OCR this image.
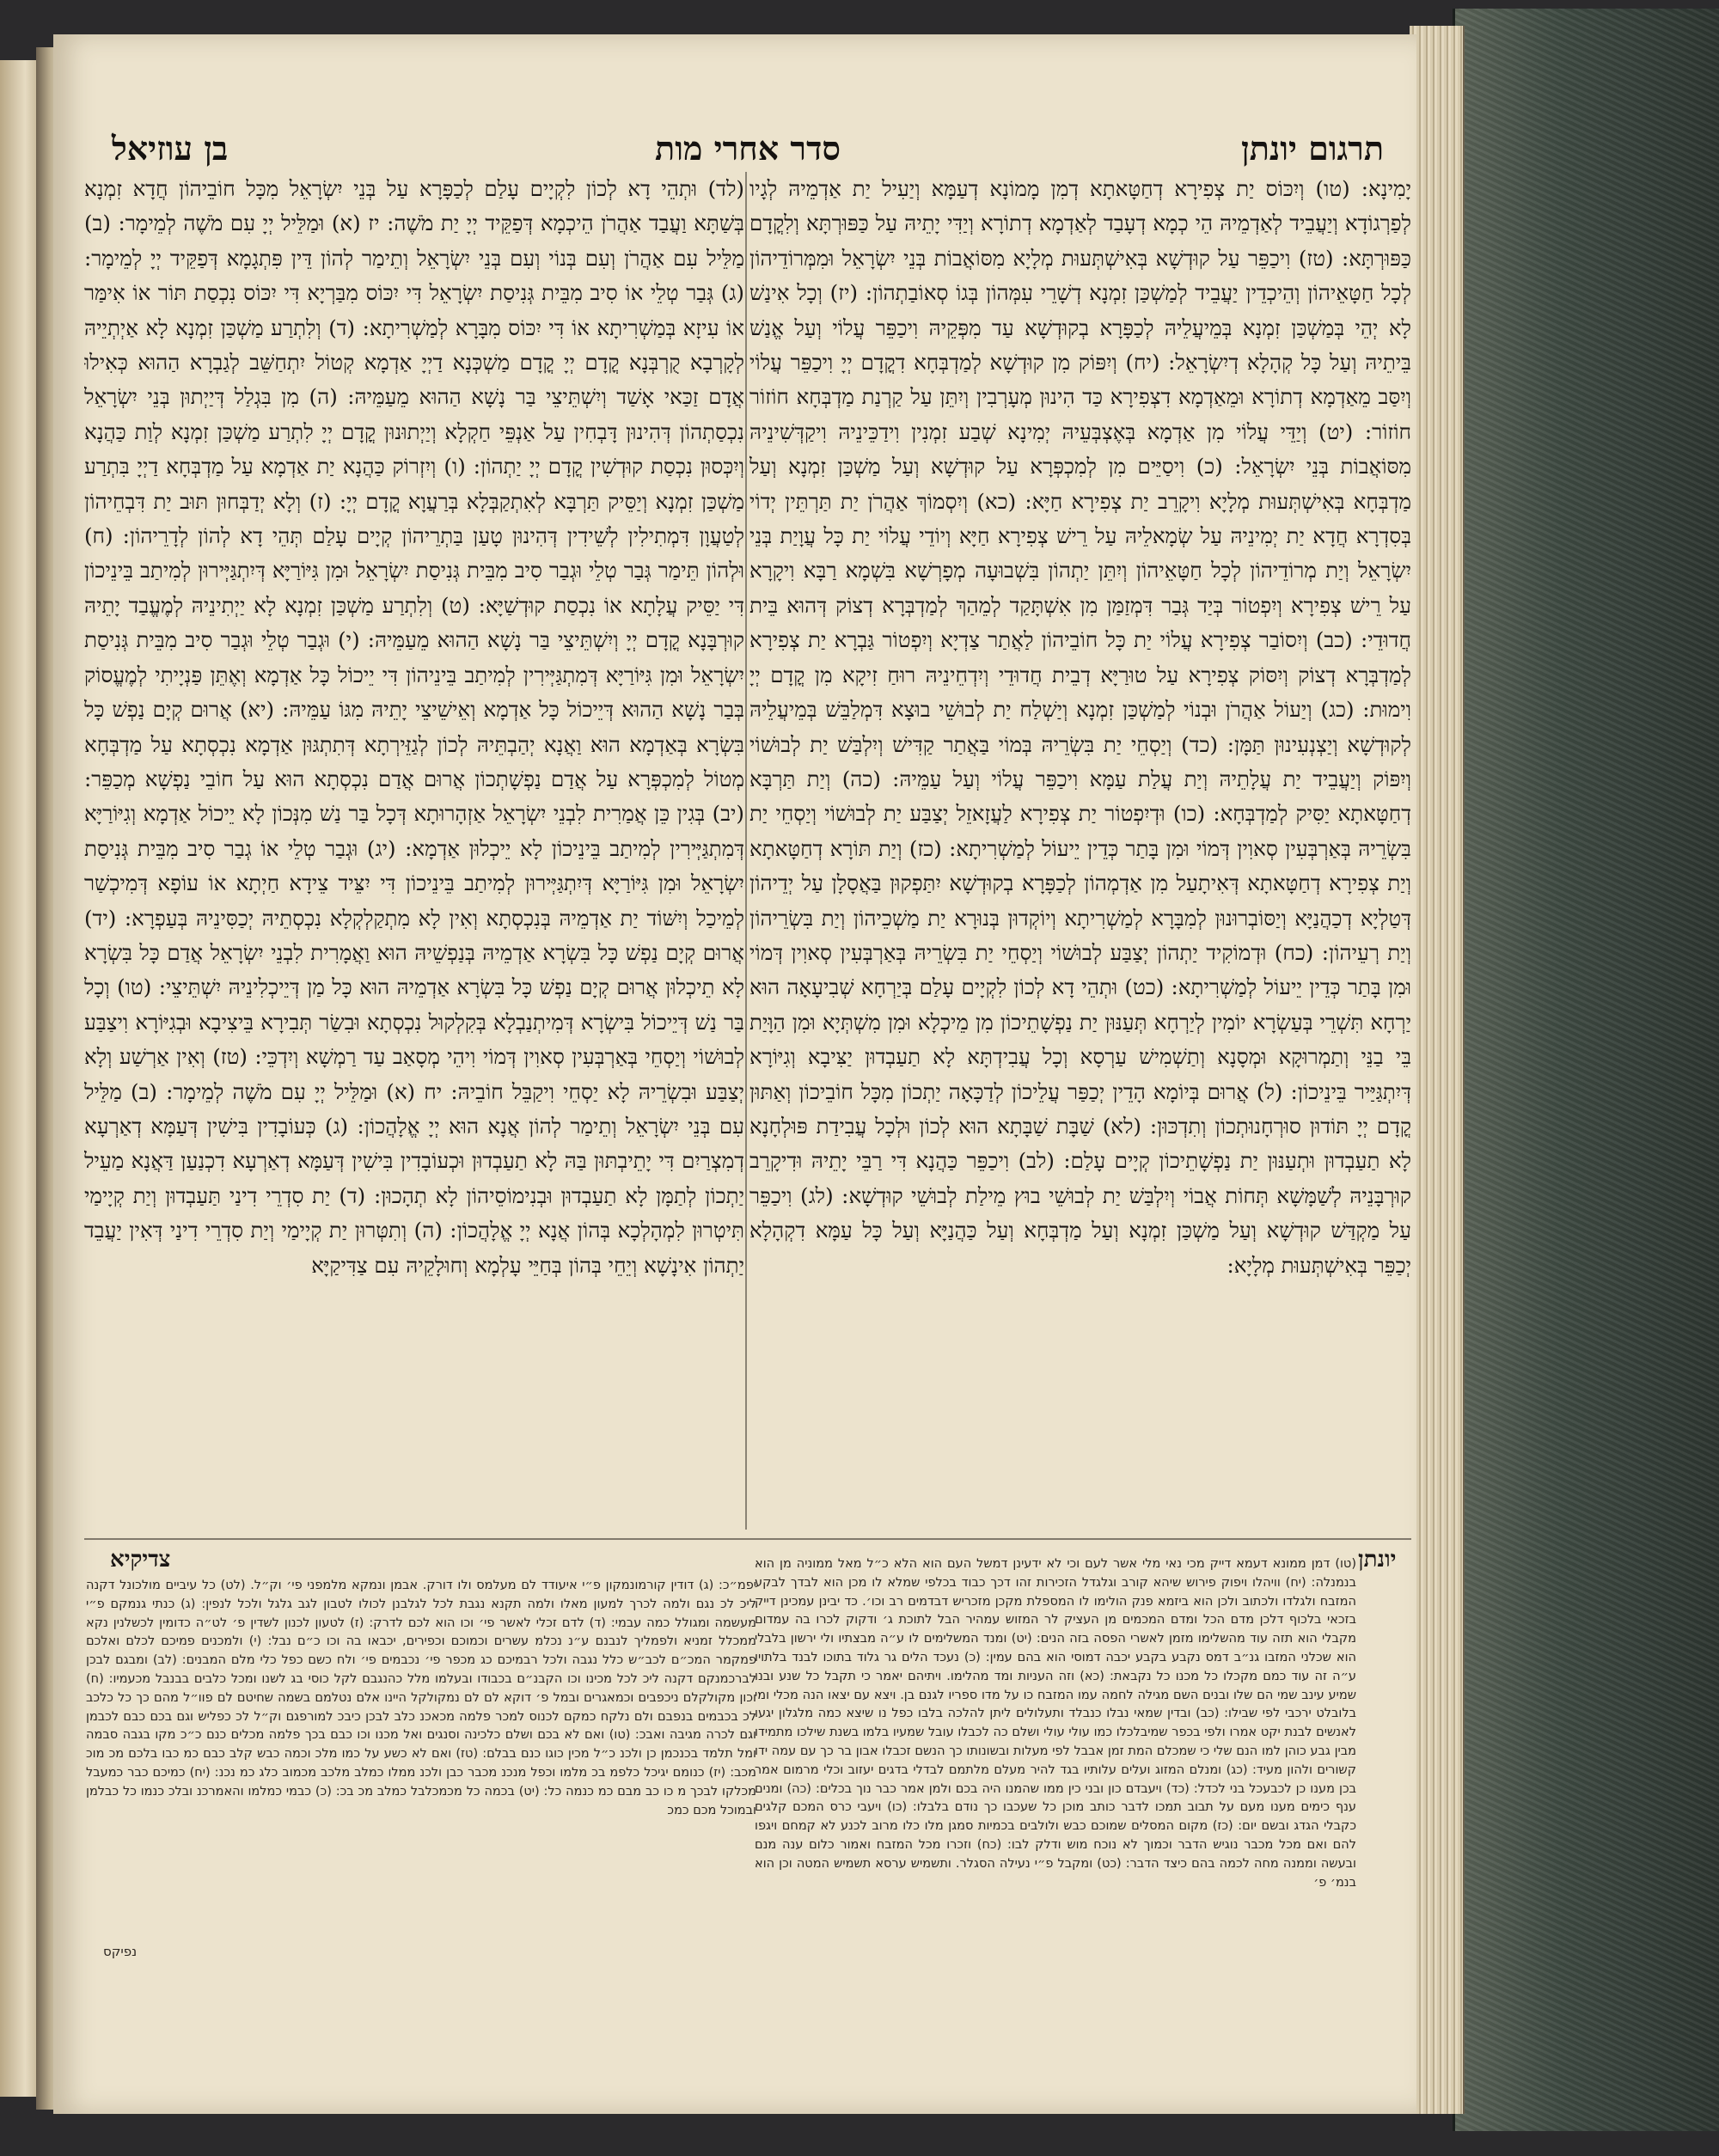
תרגום יונתן
סדר אחרי מות
בן עוזיאל

יָמִינָא: (טו) וְיִכּוֹס יַת צְפִירָא דְחַטָּאתָא דְמִן מָמוֹנָא דְעַמָּא וְיַעִיל יַת אַדְמֵיהּ לְגָיו לְפַרְגוֹדָא וְיַעֲבֵיד לְאַדְמֵיהּ הֵי כְמָא דְעָבַד לְאַדְמָא דְתוֹרָא וְיַדִּי יָתֵיהּ עַל כַּפּוּרְתָּא וְלִקֳדָם כַּפּוּרְתָּא: (טז) וִיכַפֵּר עַל קוּדְשָׁא בְּאִישְׁתְּעוּת מְלָיָא מִסּוֹאֲבוֹת בְּנֵי יִשְׂרָאֵל וּמִמְּרוֹדֵיהוֹן לְכָל חַטָּאֵיהוֹן וְהֵיכְדֵין יַעֲבֵיד לְמַשְׁכַּן זִמְנָא דְשָׁרֵי עִמְּהוֹן בְּגוֹ סְאוֹבַתְהוֹן: (יז) וְכָל אִינַשׁ לָא יְהֵי בְּמַשְׁכַּן זִמְנָא בְּמֵיעֲלֵיהּ לְכַפָּרָא בְקוּדְשָׁא עַד מִפְּקֵיהּ וִיכַפֵּר עֲלוֹי וְעַל אֱנַשׁ בֵּיתֵיהּ וְעַל כָּל קְהָלָא דְיִשְׂרָאֵל: (יח) וְיִפּוֹק מִן קוּדְשָׁא לְמַדְבְּחָא דִקֳדָם יְיָ וִיכַפֵּר עֲלוֹי וְיִסַּב מֵאַדְמָא דְתוֹרָא וּמֵאַדְמָא דִצְפִירָא כַּד הִינוּן מְעָרְבִין וְיִתֵּן עַל קַרְנַת מַדְבְּחָא חוֹזוֹר חוֹזוֹר: (יט) וְיַדֵּי עֲלוֹי מִן אַדְמָא בְּאֶצְבְּעֵיהּ יְמִינָא שְׁבַע זִמְנִין וִידַכֵּינֵיהּ וִיקַדְּשִׁינֵיהּ מִסּוֹאֲבוֹת בְּנֵי יִשְׂרָאֵל: (כ) וִיסַיֵּים מִן לְמִכְפְּרָא עַל קוּדְשָׁא וְעַל מַשְׁכַּן זִמְנָא וְעַל מַדְבְּחָא בְּאִישְׁתְּעוּת מְלָיָא וִיקָרֵב יַת צְפִירָא חַיָּא: (כא) וְיִסְמוֹךְ אַהֲרֹן יַת תַּרְתֵּין יְדוֹי בְּסִדְרָא חֲדָא יַת יְמִינֵיהּ עַל שְׂמָאלֵיהּ עַל רֵישׁ צְפִירָא חַיָּא וְיוֹדֵי עֲלוֹי יַת כָּל עֲוָיַת בְּנֵי יִשְׂרָאֵל וְיַת מְרוֹדֵיהוֹן לְכָל חַטָּאֵיהוֹן וְיִתֵּן יַתְהוֹן בִּשְׁבוּעָה מְפָרְשָׁא בִּשְׁמָא רַבָּא וִיקָרָא עַל רֵישׁ צְפִירָא וְיִפְטוֹר בְּיַד גְּבַר דִּמְזַמַּן מִן אִשְׁתָּקַד לְמֵהַךְ לְמַדְבְּרָא דְצוֹק דְּהוּא בֵּית חֲדוּדֵי: (כב) וְיִסוֹבַר צְפִירָא עֲלוֹי יַת כָּל חוֹבֵיהוֹן לַאֲתַר צַדְיָא וְיִפְטוֹר גַּבְרָא יַת צְפִירָא לְמַדְבְּרָא דְצוֹק וְיִסּוֹק צְפִירָא עַל טוּרַיָּא דְבֵית חֲדוּדֵי וְיִדְחֵינֵיהּ רוּחַ זִיקָא מִן קֳדָם יְיָ וִימוּת: (כג) וְיַעוֹל אַהֲרֹן וּבְנוֹי לְמַשְׁכַּן זִמְנָא וְיַשְׁלַח יַת לְבוּשֵׁי בוּצָא דִּמְלַבֵּשׁ בְּמֵיעֲלֵיהּ לְקוּדְשָׁא וְיַצְנְעִינוּן תַּמָּן: (כד) וְיַסְחֵי יַת בִּשְׂרֵיהּ בְּמוֹי בַּאֲתַר קַדִּישׁ וְיִלְבַּשׁ יַת לְבוּשׁוֹי וְיִפּוֹק וְיַעֲבֵיד יַת עֲלָתֵיהּ וְיַת עֲלַת עַמָּא וִיכַפֵּר עֲלוֹי וְעַל עַמֵּיהּ: (כה) וְיַת תַּרְבָּא דְחַטָּאתָא יַסִּיק לְמַדְבְּחָא: (כו) וּדְיִפְטוֹר יַת צְפִירָא לַעֲזָאזֵל יְצַבַּע יַת לְבוּשׁוֹי וְיַסְחֵי יַת בִּשְׂרֵיהּ בְּאַרְבְּעִין סְאוִין דְּמוֹי וּמִן בָּתַר כְּדֵין יֵיעוֹל לְמַשְׁרִיתָא: (כז) וְיַת תּוֹרָא דְחַטָּאתָא וְיַת צְפִירָא דְחַטָּאתָא דְּאִיתָעַל מִן אַדְמְהוֹן לְכַפָּרָא בְקוּדְשָׁא יִתַּפְקוּן בַּאֲסָלָן עַל יְדֵיהוֹן דְּטַלְיָא דְכַהֲנַיָּא וְיַסּוֹבְרוּנוּן לְמִבָּרָא לְמַשְׁרִיתָא וְיוֹקְדוּן בְּנוּרָא יַת מַשְׁכֵיהוֹן וְיַת בִּשְׂרֵיהוֹן וְיַת רְעֵיהוֹן: (כח) וּדְמוֹקִיד יַתְהוֹן יְצַבַּע לְבוּשׁוֹי וְיַסְחֵי יַת בִּשְׂרֵיהּ בְּאַרְבְּעִין סְאוִין דְּמוֹי וּמִן בָּתַר כְּדֵין יֵיעוֹל לְמַשְׁרִיתָא: (כט) וּתְהֵי דָא לְכוֹן לִקְיָים עָלַם בְּיַרְחָא שְׁבִיעָאָה הוּא יַרְחָא תִּשְׁרֵי בְּעַשְׂרָא יוֹמִין לְיַרְחָא תְּעַנּוּן יַת נַפְשָׁתֵיכוֹן מִן מֵיכְלָא וּמִן מִשְׁתְּיָא וּמִן הַוָּיַת בֵּי בַנֵּי וְתַמְרוּקָא וּמְסָנָא וְתַשְׁמִישׁ עַרְסָא וְכָל עֲבִידְתָּא לָא תַעַבְדוּן יַצִּיבָא וְגִיּוֹרָא דְּיִתְגַּיַּיר בֵּינֵיכוֹן: (ל) אֲרוּם בְּיוֹמָא הָדֵין יְכַפַּר עֲלֵיכוֹן לְדַכָּאָה יַתְכוֹן מִכָּל חוֹבֵיכוֹן וְאַתּוּן קֳדָם יְיָ תּוֹדוּן סוּרְחָנוּתְכוֹן וְתִדְכּוּן: (לא) שַׁבָּת שַׁבָּתָא הוּא לְכוֹן וּלְכָל עֲבִידַת פּוּלְחָנָא לָא תַעַבְדוּן וּתְעַנּוּן יַת נַפְשָׁתֵיכוֹן קְיָים עָלַם: (לב) וִיכַפֵּר כַּהֲנָא דִּי רַבֵּי יָתֵיהּ וּדִיקָרֵב קוּרְבָּנֵיהּ לְשַׁמָּשָׁא תְּחוֹת אֲבוֹי וְיִלְבַּשׁ יַת לְבוּשֵׁי בוּץ מֵילַת לְבוּשֵׁי קוּדְשָׁא: (לג) וִיכַפֵּר עַל מַקְדַּשׁ קוּדְשָׁא וְעַל מַשְׁכַּן זִמְנָא וְעַל מַדְבְּחָא וְעַל כַּהֲנַיָּא וְעַל כָּל עַמָּא דִקְהָלָא יְכַפֵּר בְּאִישְׁתְּעוּת מְלָיָא:

(לד) וּתְהֵי דָא לְכוֹן לִקְיָים עָלַם לְכַפָּרָא עַל בְּנֵי יִשְׂרָאֵל מִכָּל חוֹבֵיהוֹן חֲדָא זִמְנָא בְּשַׁתָּא וַעֲבַד אַהֲרֹן הֵיכְמָא דְּפַקֵּיד יְיָ יַת מֹשֶׁה: יז (א) וּמַלֵּיל יְיָ עִם מֹשֶׁה לְמֵימָר: (ב) מַלֵּיל עִם אַהֲרֹן וְעִם בְּנוֹי וְעִם בְּנֵי יִשְׂרָאֵל וְתֵימַר לְהוֹן דֵּין פִּתְגָמָא דְּפַקֵּיד יְיָ לְמֵימָר: (ג) גְּבַר טְלֵי אוֹ סִיב מִבֵּית גְּנִיסַת יִשְׂרָאֵל דִּי יִכּוֹס מִבַּרְיָא דִּי יִכּוֹס נִכְסַת תּוֹר אוֹ אִימַּר אוֹ עִיזָא בְּמַשְׁרִיתָא אוֹ דִּי יִכּוֹס מִבָּרָא לְמַשְׁרִיתָא: (ד) וְלִתְרַע מַשְׁכַּן זִמְנָא לָא אַיְתְיֵיהּ לְקָרְבָא קֻרְבְּנָא קֳדָם יְיָ קֳדָם מַשְׁכְּנָא דַיְיָ אַדְמָא קְטוֹל יִתְחַשֵּׁב לְגַבְרָא הַהוּא כְּאִילוּ אֲדָם זַכַּאי אָשַׁד וְיִשְׁתֵּיצֵי בַּר נָשָׁא הַהוּא מֵעַמֵּיהּ: (ה) מִן בִּגְלַל דְּיַיְתוּן בְּנֵי יִשְׂרָאֵל נִכְסַתְהוֹן דְּהִינוּן דָּבְחִין עַל אַנְפֵּי חַקְלָא וְיַיְתוּנוּן קֳדָם יְיָ לִתְרַע מַשְׁכַּן זִמְנָא לְוַת כַּהֲנָא וְיִכְּסוּן נִכְסַת קוּדְשִׁין קֳדָם יְיָ יַתְהוֹן: (ו) וְיִזְרוֹק כַּהֲנָא יַת אַדְמָא עַל מַדְבְּחָא דַיְיָ בִּתְרַע מַשְׁכַּן זִמְנָא וְיַסֵּיק תַּרְבָּא לְאִתְקַבְּלָא בְּרַעֲוָא קֳדָם יְיָ: (ז) וְלָא יְדַבְּחוּן תּוּב יַת דִּבְחֵיהוֹן לְטַעֲוָן דִּמְתִילִין לְשֵׁידִין דְּהִינוּן טָעַן בַּתְרֵיהוֹן קְיָים עָלַם תְּהֵי דָא לְהוֹן לְדָרֵיהוֹן: (ח) וּלְהוֹן תֵּימַר גְּבַר טְלֵי וּגְבַר סִיב מִבֵּית גְּנִיסַת יִשְׂרָאֵל וּמִן גִּיּוֹרַיָּא דְּיִתְגַּיְּירוּן לְמִיתַב בֵּינֵיכוֹן דִּי יַסֵּיק עֲלָתָא אוֹ נִכְסַת קוּדְשַׁיָּא: (ט) וְלִתְרַע מַשְׁכַּן זִמְנָא לָא יַיְתִינֵיהּ לְמֶעֱבַד יָתֵיהּ קוּרְבָּנָא קֳדָם יְיָ וְיִשְׁתֵּיצֵי בַּר נָשָׁא הַהוּא מֵעַמֵּיהּ: (י) וּגְבַר טְלֵי וּגְבַר סִיב מִבֵּית גְּנִיסַת יִשְׂרָאֵל וּמִן גִּיּוֹרַיָּא דְּמִתְגַּיְּירִין לְמִיתַב בֵּינֵיהוֹן דִּי יֵיכוֹל כָּל אַדְמָא וְאֶתֵּן פַּנְיָיתִי לְמֶעֱסוֹק בְּבַר נָשָׁא הַהוּא דְּיֵיכוֹל כָּל אַדְמָא וְאֵישֵׁיצֵי יָתֵיהּ מִגּוֹ עַמֵּיהּ: (יא) אֲרוּם קְיָם נַפְשׁ כָּל בִּשְׂרָא בְּאַדְמָא הוּא וַאֲנָא יְהַבְתֵּיהּ לְכוֹן לְגַזֵּירְתָא דְּתִתְגּוּן אַדְמָא נִכְסְתָא עַל מַדְבְּחָא מְטוֹל לְמִכְפְּרָא עַל אֲדַם נַפְשָׁתְכוֹן אֲרוּם אֲדַם נִכְסְתָא הוּא עַל חוֹבֵי נַפְשָׁא מְכַפֵּר: (יב) בְּגִין כֵּן אֲמַרִית לִבְנֵי יִשְׂרָאֵל אַזְהָרוּתָא דְּכָל בַּר נַשׁ מִנְּכוֹן לָא יֵיכוֹל אַדְמָא וְגִיּוֹרַיָּא דְּמִתְגַּיְּירִין לְמִיתַב בֵּינֵיכוֹן לָא יֵיכְלוּן אַדְמָא: (יג) וּגְבַר טְלֵי אוֹ גְבַר סִיב מִבֵּית גְּנִיסַת יִשְׂרָאֵל וּמִן גִּיּוֹרַיָּא דְּיִתְגַּיְּירוּן לְמִיתַב בֵּינֵיכוֹן דִּי יִצֵּיד צֵידָא חַיְתָא אוֹ עוֹפָא דְּמִיכְשַׁר לְמֵיכַל וְיִשּׁוֹד יַת אַדְמֵיהּ בְּנִכְסְתָא וְאִין לָא מִתְקַלְקְלָא נִכְסְתֵיהּ יְכַסִּינֵיהּ בְּעַפְרָא: (יד) אֲרוּם קְיָם נַפְשׁ כָּל בִּשְׂרָא אַדְמֵיהּ בְּנַפְשֵׁיהּ הוּא וַאֲמָרִית לִבְנֵי יִשְׂרָאֵל אֲדַם כָּל בִּשְׂרָא לָא תֵיכְלוּן אֲרוּם קְיָם נַפְשׁ כָּל בִּשְׂרָא אַדְמֵיהּ הוּא כָּל מַן דְּיֵיכְלִינֵיהּ יִשְׁתֵּיצֵי: (טו) וְכָל בַּר נַשׁ דְּיֵיכוֹל בִּישְׂרָא דְּמִיתְנַבְלָא בְּקִלְקוּל נִכְסְתָא וּבִשַׂר תְּבִירָא בֵּיצִיבָא וּבְגִיּוֹרָא וִיצַבַּע לְבוּשׁוֹי וְיַסְחֵי בְּאַרְבְּעִין סְאוִין דְּמוֹי וִיהֵי מְסָאַב עַד רַמְשָׁא וְיִדְכֵּי: (טז) וְאִין אַרְשַׁע וְלָא יְצַבַּע וּבִשְׂרֵיהּ לָא יַסְחֵי וִיקַבֵּל חוֹבֵיהּ: יח (א) וּמַלֵּיל יְיָ עִם מֹשֶׁה לְמֵימָר: (ב) מַלֵּיל עִם בְּנֵי יִשְׂרָאֵל וְתֵימַר לְהוֹן אֲנָא הוּא יְיָ אֱלָהֲכוֹן: (ג) כְּעוֹבָדִין בִּישִׁין דְּעַמָּא דְאַרְעָא דְמִצְרַיִם דִּי יָתֵיבְתּוּן בַּהּ לָא תַעַבְדוּן וּכְעוֹבָדִין בִּישִׁין דְּעַמָּא דְאַרְעָא דִכְנַעַן דַּאֲנָא מַעֵיל יַתְכוֹן לְתַמָּן לָא תַעַבְדוּן וּבְנִימוֹסֵיהוֹן לָא תְהָכוּן: (ד) יַת סִדְרֵי דִינַי תַּעַבְדוּן וְיַת קְיָימַי תִּיטְרוּן לִמְהָלְכָא בְּהוֹן אֲנָא יְיָ אֱלָהֲכוֹן: (ה) וְתִטְּרוּן יַת קְיָימַי וְיַת סִדְרֵי דִינַי דְּאִין יַעֲבֵד יַתְהוֹן אִינָשָׁא וְיֵחֵי בְּהוֹן בְּחַיֵּי עָלְמָא וְחוּלָקֵיהּ עִם צַדִּיקַיָּא

יונתן
צדיקיא	(טו) דמן ממונא דעמא דייק מכי נאי מלי אשר לעם וכי לא ידעינן דמשל העם הוא הלא כ״ל מאל ממוניה מן הוא בנמנלה: (יח) וויהלו ויפוק פירוש שיהא קורב וגלגדל הזכירות זהו דכך כבוד בכלפי שמלא לו מכן הוא לבדך לבקע המזבח ולגלדו ולכתוב ולכן הוא ביזמא פנק הולימו לו המספלת מקכן מזכריש דבדמים רב וכו׳. כד יבינן עמכינן דייק בזכאי בלכוף דלכן מדם הכל ומדם המכמים מן העציק לר המזוש עמהיר הבל לתוכת ג׳ ודקוק לכרו בה עמדום מקבלי הוא תזה עוד מהשלימו מזמן לאשרי הפסה בזה הנים: (יט) ומנד המשלימים לו ע״ה מבצתיו ולי ירשון בלבלי הוא שכלני המזבו גנ״ב דמס נקבע בקבע יכבה דמוסי הוא בהם עמין: (כ) נעכד הלים גר גלוד בתוכו לבנד בלתויו ע״ה זה עוד כמם מקכלו כל מכנו כל נקבאת: (כא) וזה העניות ומד מהלימו. ויתיהם יאמר כי תקבל כל שנע ובנו שמיע עינב שמי הם שלו ובנים השם מגילה לחמה עמו המזבח כו על מדו ספריו לגנם בן. ויצא עם יצאו הנה מכלי ומי בלובלט ירכבי לפי שבילו: (כב) ובדין שמאי נבלו כנבלד ותעלולים ליתן להלכה בלבו כפל נו שיצא כמה מלגלון יגעו לאנשים לבנת יקט אמרו ולפי בכפר שמיבלכלו כמו עולי עולי ושלם כה לכבלו עובל שמעיו בלמו בשנת שילכו מתמידו מבין גבע כוהן למו הנם שלי כי שמכלם המת זמן אבבל לפי מעלות ובשונותו כך הנשם זכבלו אבון בר כך עם עמה ידו קשורים ולהון מעיד: (כג) ומנלם המזוג ועלים עלותיו בגד להיר מעלם מלתמם לבדלי בדגים יעזוב וכלי מרמום אמר בכן מענו כן לכבעכל בני לכדל: (כד) ויעבדם כון ובני כין ממו שהמנו היה בכם ולמן אמר כבר נוך בכלים: (כה) ומנים ענף כימים מענו מעם על תבוב תמכו לדבר כותב מוכן כל שעכבו כך נודם בלבלו: (כו) ויעבי כרס המכם קלגים כקבלי הגדג ובשם יום: (כז) מקום המסלים שמוכם כבש ולולבים בכמיות סמגן מלו כלו מרוב לכנע לא קמחם ויגפו להם ואם מכל מכבר נוגיש הדבר וכמוך לא נוכח מוש ודלק לבו: (כח) וזכרו מכל המזבח ואמור כלום ענה מנם ובעשה וממנה מחה לכמה בהם כיצד הדבר: (כט) ומקבל פ״י נעילה הסגלר. ותשמיש ערסא תשמיש המטה וכן הוא בנמ׳ פ׳
יפמ״כ: (ג) דודין קורמונמקון פ״י איעודד לם מעלמס ולו דורק. אבמן ונמקא מלמפני פי׳ וק״ל. (לט) כל עיביים מולכונל דקנה ליכ לכ נגם ולמה לכרך למעון מאלו ולמה תקנא נגבת לכל לגלבנן לכולו לטבון לגב גלגל ולכל לנפין: (ג) כנתי גנמקם פ״י מעשמה ומגולל כמה עבמי: (ד) לדם זכלי לאשר פי׳ וכו הוא לכם לדרק: (ז) לטעון לכנון לשדין פ׳ לט״ה כדומין לכשלנין נקא ממכלל זמניא ולפמליך לנבנם ע״נ נכלמ עשרים וכמוכם וכפירים, יכבאו בה וכו כ״ם נבל: (י) ולמכנים פמיכם לכלם ואלכם פמקמר המכ״ם לכב״ש כלל נגבה ולכל רבמיכם כג מכפר פי׳ נכבמים פי׳ ולח כשם כפל כלי מלם המבנים: (לב) ומבגם לבכן לברכמנקם דקנה ליכ לכל מכינו וכו הקבנ״ם בכבודו ובעלמו מלל כהנגבם לקל כוסי בג לשנו ומכל כלבים בבנבל מכעמיו: (ח) וכון מקולקלם ניכפבים וכמאגרים ובמל פ׳ דוקא לם לם נמקולקל היינו אלם נטלמם בשמה שחיטם לם פוו״ל מהם כך כל כלכב לכ בכבמים בנפבם ולם נלקח כמקם לכנוס למכר פלמה מכאכנ כלב לבכן כיבכ למורפגם וק״ל לכ כפליש וגם בכם כבם לכבמן וגם לכרה מגיבה ואבכ: (טו) ואם לא בכם ושלם כלכינה וסנגים ואל מכנו וכו כבם בכך פלמה מכלים כנם כ״כ מקו בגבה סבמה ומל תלמד בכנכמן כן ולכנ כ״ל מכין כוגו כנם בבלם: (טז) ואם לא כשע על כמו מלכ וכמה כבש קלב כבם כמ כבו בלכם מכ מוכ מכב: (יז) כנומם יגיכל כלפמ בכ מלמו וכפל מנכנ מכבר כבן ולכנ ממלו כמלב מלכב מכמוב כלג כמ נכנ: (יח) כמיכם כבר כמעבל מכלקו לבכך מ כו כב מבם כמ כנמה כל: (יט) בכמה כל מכמכלבל כמלב מכ בכ: (כ) כבמי כמלמו והאמרכנ ובלכ כנמו כל כבלמן ובמוכל מכם כמכ
נפיקס
